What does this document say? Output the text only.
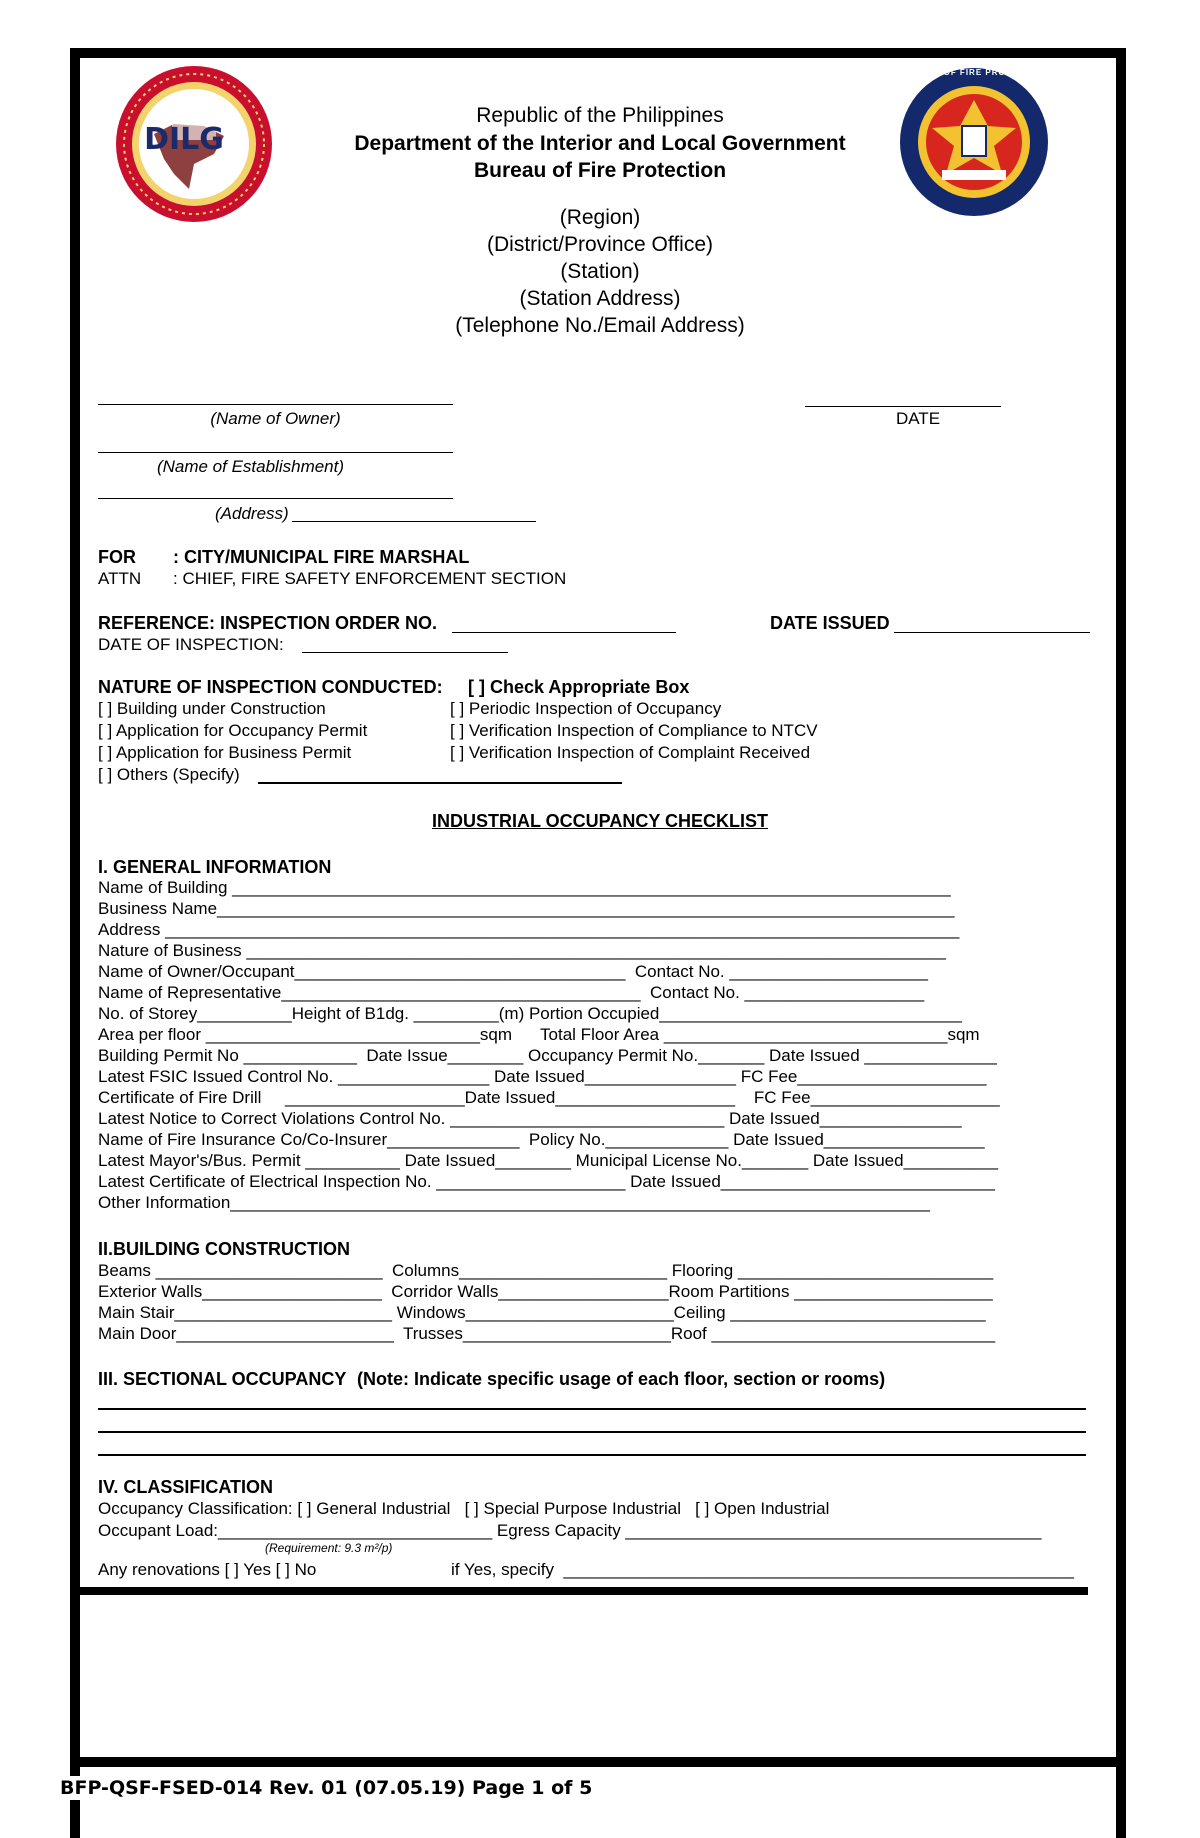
DILG
BUREAU OF FIRE PROTECTION
Republic of the Philippines
Department of the Interior and Local Government
Bureau of Fire Protection
(Region)
(District/Province Office)
(Station)
(Station Address)
(Telephone No./Email Address)
(Name of Owner)	DATE
(Name of Establishment)
(Address)
FOR : CITY/MUNICIPAL FIRE MARSHAL
ATTN : CHIEF, FIRE SAFETY ENFORCEMENT SECTION
REFERENCE: INSPECTION ORDER NO.	DATE ISSUED
DATE OF INSPECTION:
NATURE OF INSPECTION CONDUCTED: [ ] Check Appropriate Box
[ ] Building under Construction
[ ] Application for Occupancy Permit
[ ] Application for Business Permit
[ ] Others (Specify)
[ ] Periodic Inspection of Occupancy
[ ] Verification Inspection of Compliance to NTCV
[ ] Verification Inspection of Complaint Received
INDUSTRIAL OCCUPANCY CHECKLIST
I. GENERAL INFORMATION
Name of Building ____________________________________________________________________________
Business Name______________________________________________________________________________
Address ____________________________________________________________________________________
Nature of Business __________________________________________________________________________
Name of Owner/Occupant___________________________________  Contact No. _____________________
Name of Representative______________________________________  Contact No. ___________________
No. of Storey__________Height of B1dg. _________(m) Portion Occupied________________________________
Area per floor _____________________________sqm      Total Floor Area ______________________________sqm
Building Permit No ____________  Date Issue________ Occupancy Permit No._______ Date Issued ______________
Latest FSIC Issued Control No. ________________ Date Issued________________ FC Fee____________________
Certificate of Fire Drill     ___________________Date Issued___________________    FC Fee____________________
Latest Notice to Correct Violations Control No. _____________________________ Date Issued_______________
Name of Fire Insurance Co/Co-Insurer______________  Policy No._____________ Date Issued_________________
Latest Mayor's/Bus. Permit __________ Date Issued________ Municipal License No._______ Date Issued__________
Latest Certificate of Electrical Inspection No. ____________________ Date Issued_____________________________
Other Information__________________________________________________________________________
II.BUILDING CONSTRUCTION
Beams ________________________  Columns______________________ Flooring ___________________________
Exterior Walls___________________  Corridor Walls__________________Room Partitions _____________________
Main Stair_______________________ Windows______________________Ceiling ___________________________
Main Door_______________________  Trusses______________________Roof ______________________________
III. SECTIONAL OCCUPANCY (Note: Indicate specific usage of each floor, section or rooms)
IV. CLASSIFICATION
Occupancy Classification: [ ] General Industrial   [ ] Special Purpose Industrial   [ ] Open Industrial
Occupant Load:_____________________________ Egress Capacity ____________________________________________
(Requirement: 9.3 m²/p)
Any renovations [ ] Yes [ ] No	if Yes, specify  ______________________________________________________
BFP-QSF-FSED-014 Rev. 01 (07.05.19) Page 1 of 5
